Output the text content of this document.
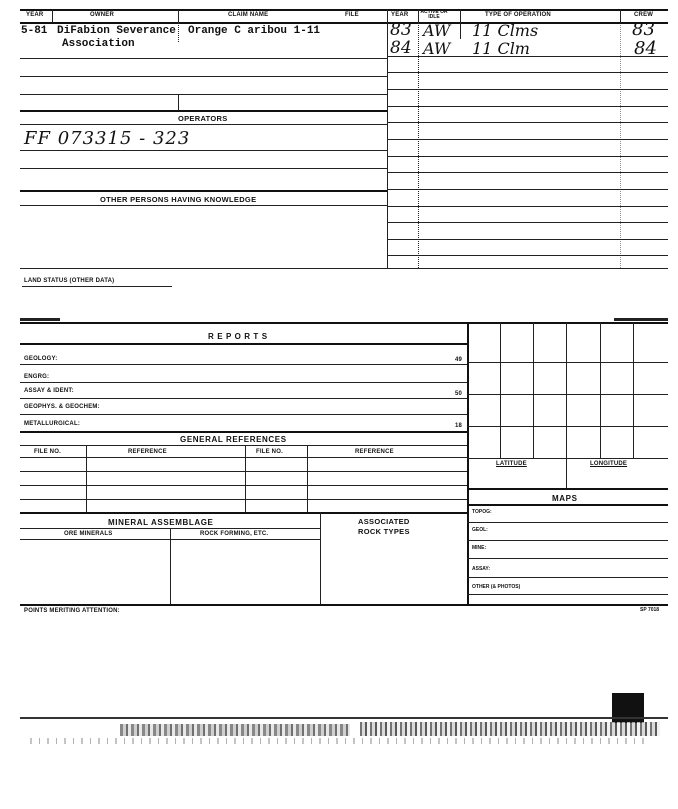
YEAR	OWNER	CLAIM NAME	FILE	YEAR ACTIVE OR IDLE	TYPE OF OPERATION	CREW
5-81 DiFabion Severance
Association
Orange C aribou 1-11	83 AW 11 Clms	83
84 AW 11 Clm	84
OPERATORS
FF 073315 - 323
OTHER PERSONS HAVING KNOWLEDGE
LAND STATUS (OTHER DATA)
R E P O R T S
GEOLOGY:	49
ENGRG:
ASSAY & IDENT:	50
GEOPHYS. & GEOCHEM:
METALLURGICAL:	18
GENERAL REFERENCES
FILE NO.	REFERENCE	FILE NO.	REFERENCE
MINERAL ASSEMBLAGE
ORE MINERALS	ROCK FORMING, ETC.
ASSOCIATED
ROCK TYPES
LATITUDE	LONGITUDE
MAPS
TOPOG:
GEOL:
MINE:
ASSAY:
OTHER (& PHOTOS)
POINTS MERITING ATTENTION:	SP 7018
